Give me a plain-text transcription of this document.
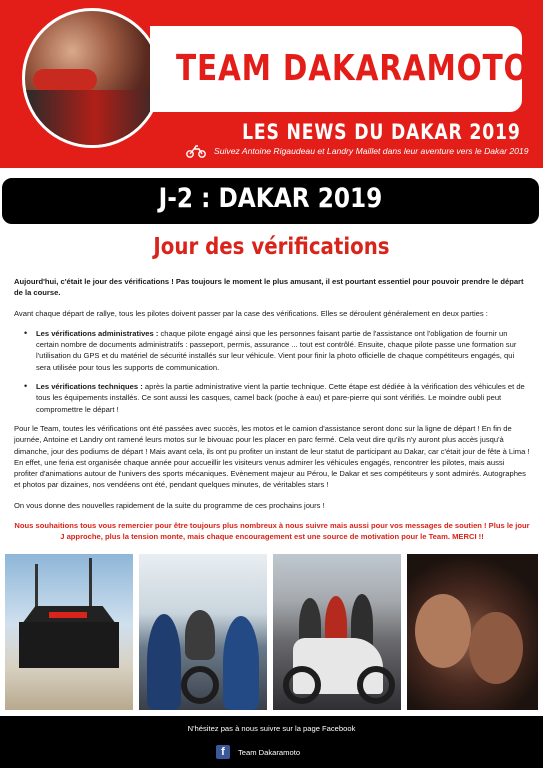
TEAM DAKARAMOTO
LES NEWS DU DAKAR 2019
Suivez Antoine Rigaudeau et Landry Maillet dans leur aventure vers le Dakar 2019
J-2 : DAKAR 2019
Jour des vérifications

Aujourd'hui, c'était le jour des vérifications ! Pas toujours le moment le plus amusant, il est pourtant essentiel pour pouvoir prendre le départ de la course.

Avant chaque départ de rallye, tous les pilotes doivent passer par la case des vérifications. Elles se déroulent généralement en deux parties :

• Les vérifications administratives : chaque pilote engagé ainsi que les personnes faisant partie de l'assistance ont l'obligation de fournir un certain nombre de documents administratifs : passeport, permis, assurance ... tout est contrôlé. Ensuite, chaque pilote passe une formation sur l'utilisation du GPS et du matériel de sécurité installés sur leur véhicule. Vient pour finir la photo officielle de chaque compétiteurs engagés, qui sera utilisée pour tous les supports de communication.
• Les vérifications techniques : après la partie administrative vient la partie technique. Cette étape est dédiée à la vérification des véhicules et de tous les équipements installés. Ce sont aussi les casques, camel back (poche à eau) et pare-pierre qui sont vérifiés. Le moindre oubli peut compromettre le départ !

Pour le Team, toutes les vérifications ont été passées avec succès, les motos et le camion d'assistance seront donc sur la ligne de départ ! En fin de journée, Antoine et Landry ont ramené leurs motos sur le bivouac pour les placer en parc fermé. Cela veut dire qu'ils n'y auront plus accès jusqu'à dimanche, jour des podiums de départ ! Mais avant cela, ils ont pu profiter un instant de leur statut de participant au Dakar, car c'était jour de fête à Lima ! En effet, une feria est organisée chaque année pour accueillir les visiteurs venus admirer les véhicules engagés, rencontrer les pilotes, mais aussi profiter d'animations autour de l'univers des sports mécaniques. Evènement majeur au Pérou, le Dakar et ses compétiteurs y sont admirés. Autographes et photos par dizaines, nos vendéens ont été, pendant quelques minutes, de véritables stars !

On vous donne des nouvelles rapidement de la suite du programme de ces prochains jours !

Nous souhaitions tous vous remercier pour être toujours plus nombreux à nous suivre mais aussi pour vos messages de soutien ! Plus le jour J approche, plus la tension monte, mais chaque encouragement est une source de motivation pour le Team. MERCI !!

N'hésitez pas à nous suivre sur la page Facebook
f	Team Dakaramoto
